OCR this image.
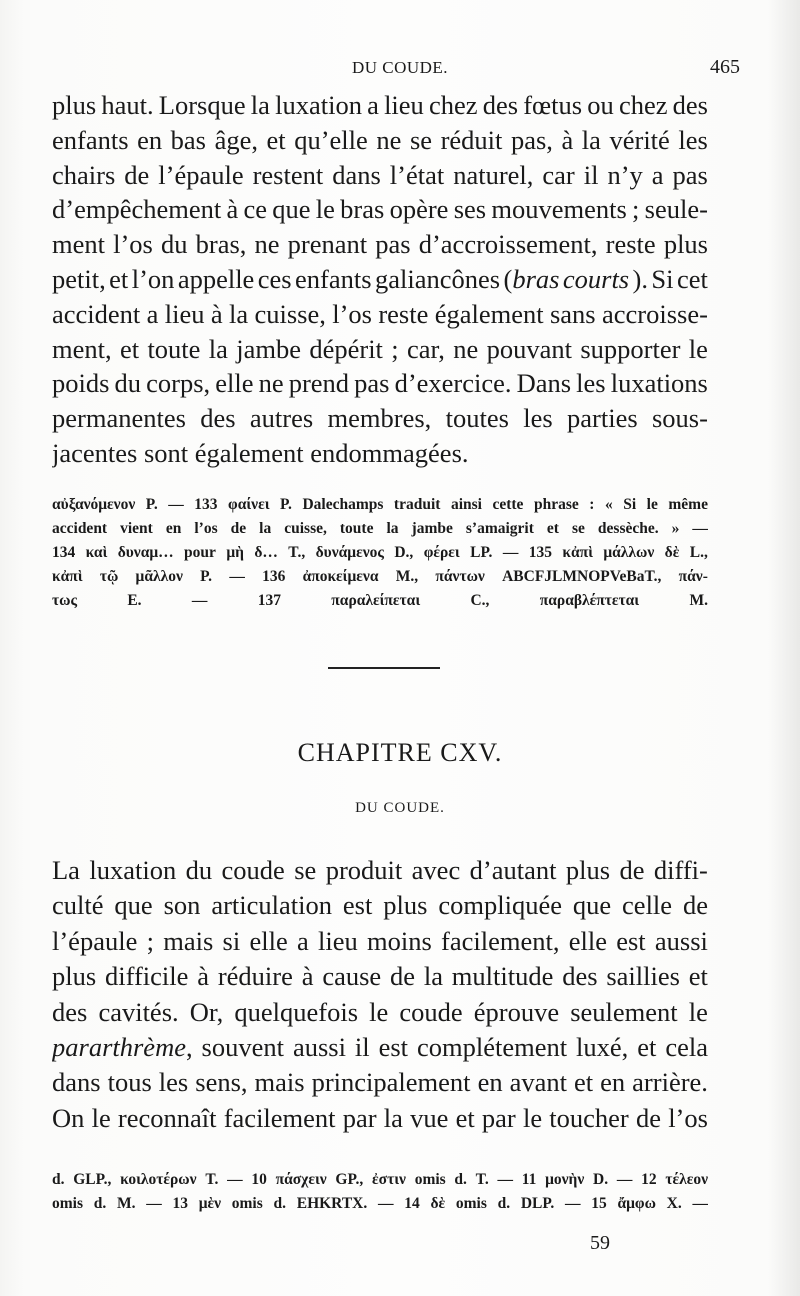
DU COUDE.	465
plus haut. Lorsque la luxation a lieu chez des fœtus ou chez des
enfants en bas âge, et qu’elle ne se réduit pas, à la vérité les
chairs de l’épaule restent dans l’état naturel, car il n’y a pas
d’empêchement à ce que le bras opère ses mouvements ; seule-
ment l’os du bras, ne prenant pas d’accroissement, reste plus
petit, et l’on appelle ces enfants galiancônes (bras courts ). Si cet
accident a lieu à la cuisse, l’os reste également sans accroisse-
ment, et toute la jambe dépérit ; car, ne pouvant supporter le
poids du corps, elle ne prend pas d’exercice. Dans les luxations
permanentes des autres membres, toutes les parties sous-
jacentes
sont
également
endommagées.
αὐξανόμενον P. — 133 φαίνει P. Dalechamps traduit ainsi cette phrase : « Si le même
accident vient en l’os de la cuisse, toute la jambe s’amaigrit et se dessèche. » —
134 καὶ δυναμ… pour μὴ δ… T., δυνάμενος D., φέρει LP. — 135 κἀπὶ μάλλων δὲ L.,
κἀπὶ τῷ μᾶλλον P. — 136 ἀποκείμενα M., πάντων ABCFJLMNOPVeBaT., πάν-
τως	E.	—	137	παραλείπεται	C.,	παραβλέπτεται	M.
CHAPITRE CXV.
DU COUDE.
La luxation du coude se produit avec d’autant plus de diffi-
culté que son articulation est plus compliquée que celle de
l’épaule ; mais si elle a lieu moins facilement, elle est aussi
plus difficile à réduire à cause de la multitude des saillies et
des cavités. Or, quelquefois le coude éprouve seulement le
pararthrème, souvent aussi il est complétement luxé, et cela
dans tous les sens, mais principalement en avant et en arrière.
On le reconnaît facilement par la vue et par le toucher de l’os
d. GLP., κοιλοτέρων T. — 10 πάσχειν GP., ἐστιν omis d. T. — 11 μονὴν D. — 12 τέλεον
omis d. M. — 13 μὲν omis d. EHKRTX. — 14 δὲ omis d. DLP. — 15 ἄμφω X. —
59
